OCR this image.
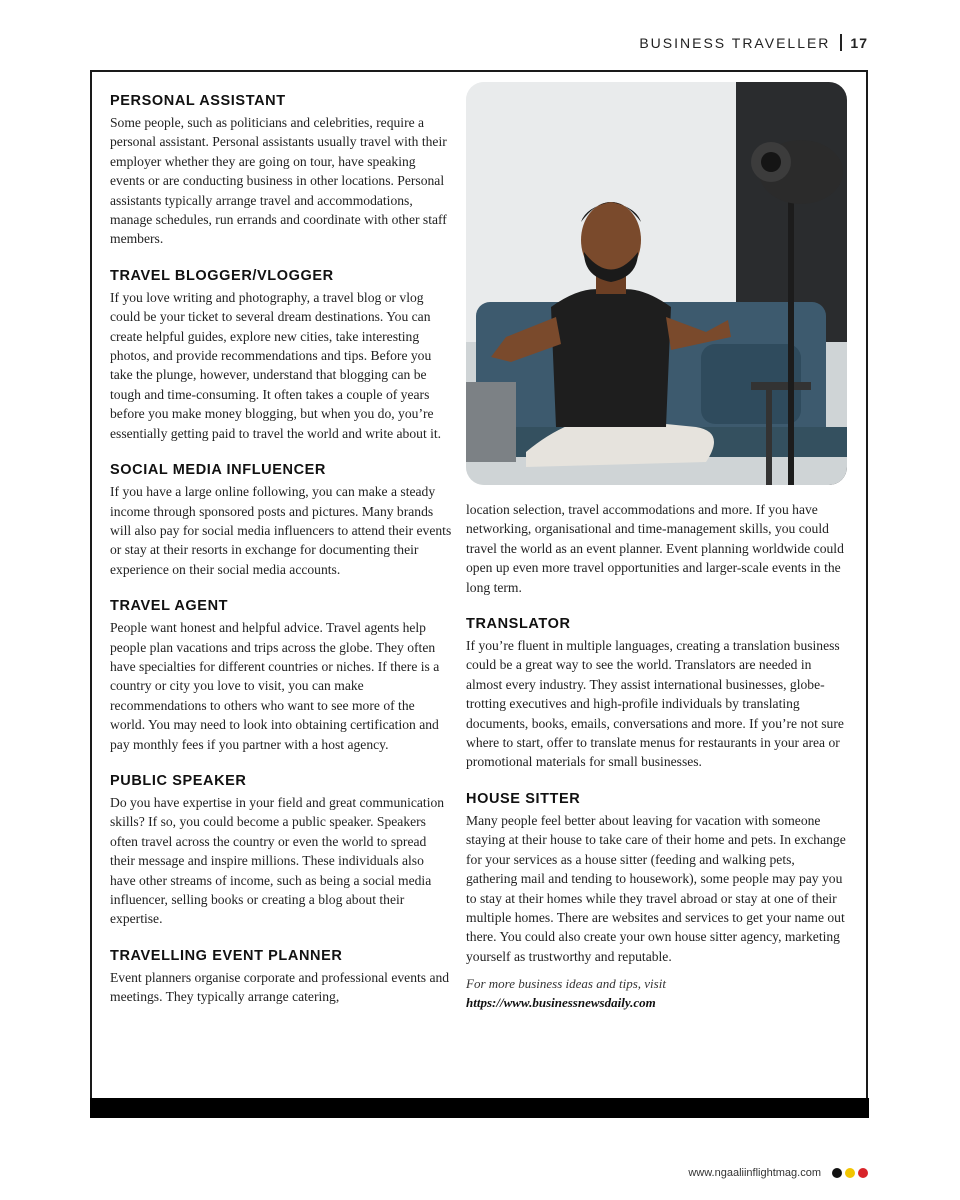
BUSINESS TRAVELLER 17
PERSONAL ASSISTANT

Some people, such as politicians and celebrities, require a personal assistant. Personal assistants usually travel with their employer whether they are going on tour, have speaking events or are conducting business in other locations. Personal assistants typically arrange travel and accommodations, manage schedules, run errands and coordinate with other staff members.

TRAVEL BLOGGER/VLOGGER

If you love writing and photography, a travel blog or vlog could be your ticket to several dream destinations. You can create helpful guides, explore new cities, take interesting photos, and provide recommendations and tips. Before you take the plunge, however, understand that blogging can be tough and time-consuming. It often takes a couple of years before you make money blogging, but when you do, you’re essentially getting paid to travel the world and write about it.

SOCIAL MEDIA INFLUENCER

If you have a large online following, you can make a steady income through sponsored posts and pictures. Many brands will also pay for social media influencers to attend their events or stay at their resorts in exchange for documenting their experience on their social media accounts.

TRAVEL AGENT

People want honest and helpful advice. Travel agents help people plan vacations and trips across the globe. They often have specialties for different countries or niches. If there is a country or city you love to visit, you can make recommendations to others who want to see more of the world. You may need to look into obtaining certification and pay monthly fees if you partner with a host agency.

PUBLIC SPEAKER

Do you have expertise in your field and great communication skills? If so, you could become a public speaker. Speakers often travel across the country or even the world to spread their message and inspire millions. These individuals also have other streams of income, such as being a social media influencer, selling books or creating a blog about their expertise.

TRAVELLING EVENT PLANNER

Event planners organise corporate and professional events and meetings. They typically arrange catering,

location selection, travel accommodations and more. If you have networking, organisational and time-management skills, you could travel the world as an event planner. Event planning worldwide could open up even more travel opportunities and larger-scale events in the long term.

TRANSLATOR

If you’re fluent in multiple languages, creating a translation business could be a great way to see the world. Translators are needed in almost every industry. They assist international businesses, globe-trotting executives and high-profile individuals by translating documents, books, emails, conversations and more. If you’re not sure where to start, offer to translate menus for restaurants in your area or promotional materials for small businesses.

HOUSE SITTER

Many people feel better about leaving for vacation with someone staying at their house to take care of their home and pets. In exchange for your services as a house sitter (feeding and walking pets, gathering mail and tending to housework), some people may pay you to stay at their homes while they travel abroad or stay at one of their multiple homes. There are websites and services to get your name out there. You could also create your own house sitter agency, marketing yourself as trustworthy and reputable.

For more business ideas and tips, visit
https://www.businessnewsdaily.com
www.ngaaliinflightmag.com
